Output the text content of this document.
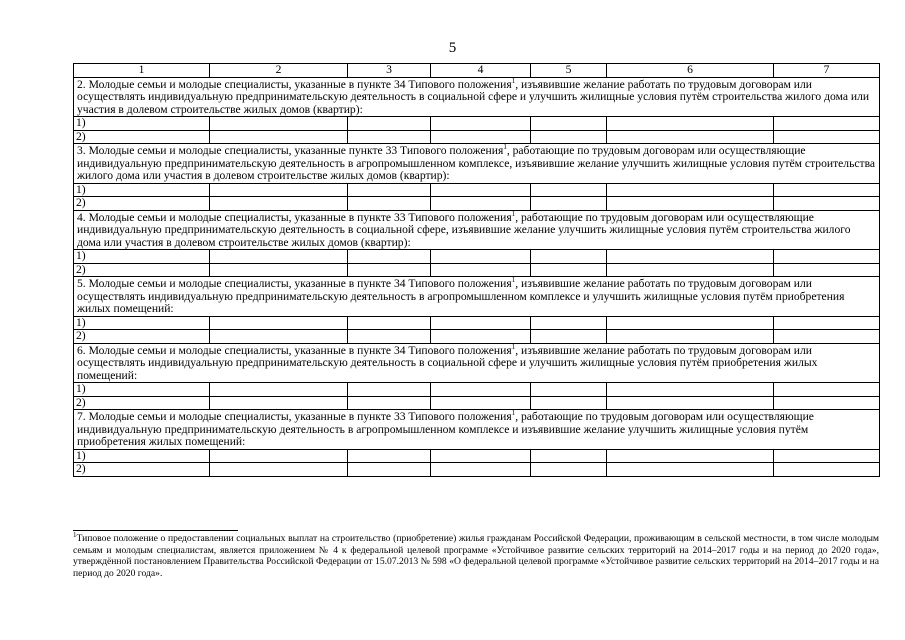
5
1	2	3	4	5	6	7
2. Молодые семьи и молодые специалисты, указанные в пункте 34 Типового положения$^1$, изъявившие желание работать по трудовым договорам или осуществлять индивидуальную предпринимательскую деятельность в социальной сфере и улучшить жилищные условия путём строительства жилого дома или участия в долевом строительстве жилых домов (квартир):						
1)						
2)						
3. Молодые семьи и молодые специалисты, указанные пункте 33 Типового положения$^1$, работающие по трудовым договорам или осуществляющие индивидуальную предпринимательскую деятельность в агропромышленном комплексе, изъявившие желание улучшить жилищные условия путём строительства жилого дома или участия в долевом строительстве жилых домов (квартир):						
1)						
2)						
4. Молодые семьи и молодые специалисты, указанные в пункте 33 Типового положения$^1$, работающие по трудовым договорам или осуществляющие индивидуальную предпринимательскую деятельность в социальной сфере, изъявившие желание улучшить жилищные условия путём строительства жилого дома или участия в долевом строительстве жилых домов (квартир):						
1)						
2)						
5. Молодые семьи и молодые специалисты, указанные в пункте 34 Типового положения$^1$, изъявившие желание работать по трудовым договорам или осуществлять индивидуальную предпринимательскую деятельность в агропромышленном комплексе и улучшить жилищные условия путём приобретения жилых помещений:						
1)						
2)						
6. Молодые семьи и молодые специалисты, указанные в пункте 34 Типового положения$^1$, изъявившие желание работать по трудовым договорам или осуществлять индивидуальную предпринимательскую деятельность в социальной сфере и улучшить жилищные условия путём приобретения жилых помещений:						
1)						
2)						
7. Молодые семьи и молодые специалисты, указанные в пункте 33 Типового положения$^1$, работающие по трудовым договорам или осуществляющие индивидуальную предпринимательскую деятельность в агропромышленном комплексе и изъявившие желание улучшить жилищные условия путём приобретения жилых помещений:						
1)						
2)						
$^1$Типовое положение о предоставлении социальных выплат на строительство (приобретение) жилья гражданам Российской Федерации, проживающим в сельской местности, в том числе молодым семьям и молодым специалистам, является приложением № 4 к федеральной целевой программе «Устойчивое развитие сельских территорий на 2014–2017 годы и на период до 2020 года», утверждённой постановлением Правительства Российской Федерации от 15.07.2013 № 598 «О федеральной целевой программе «Устойчивое развитие сельских территорий на 2014–2017 годы и на период до 2020 года».
